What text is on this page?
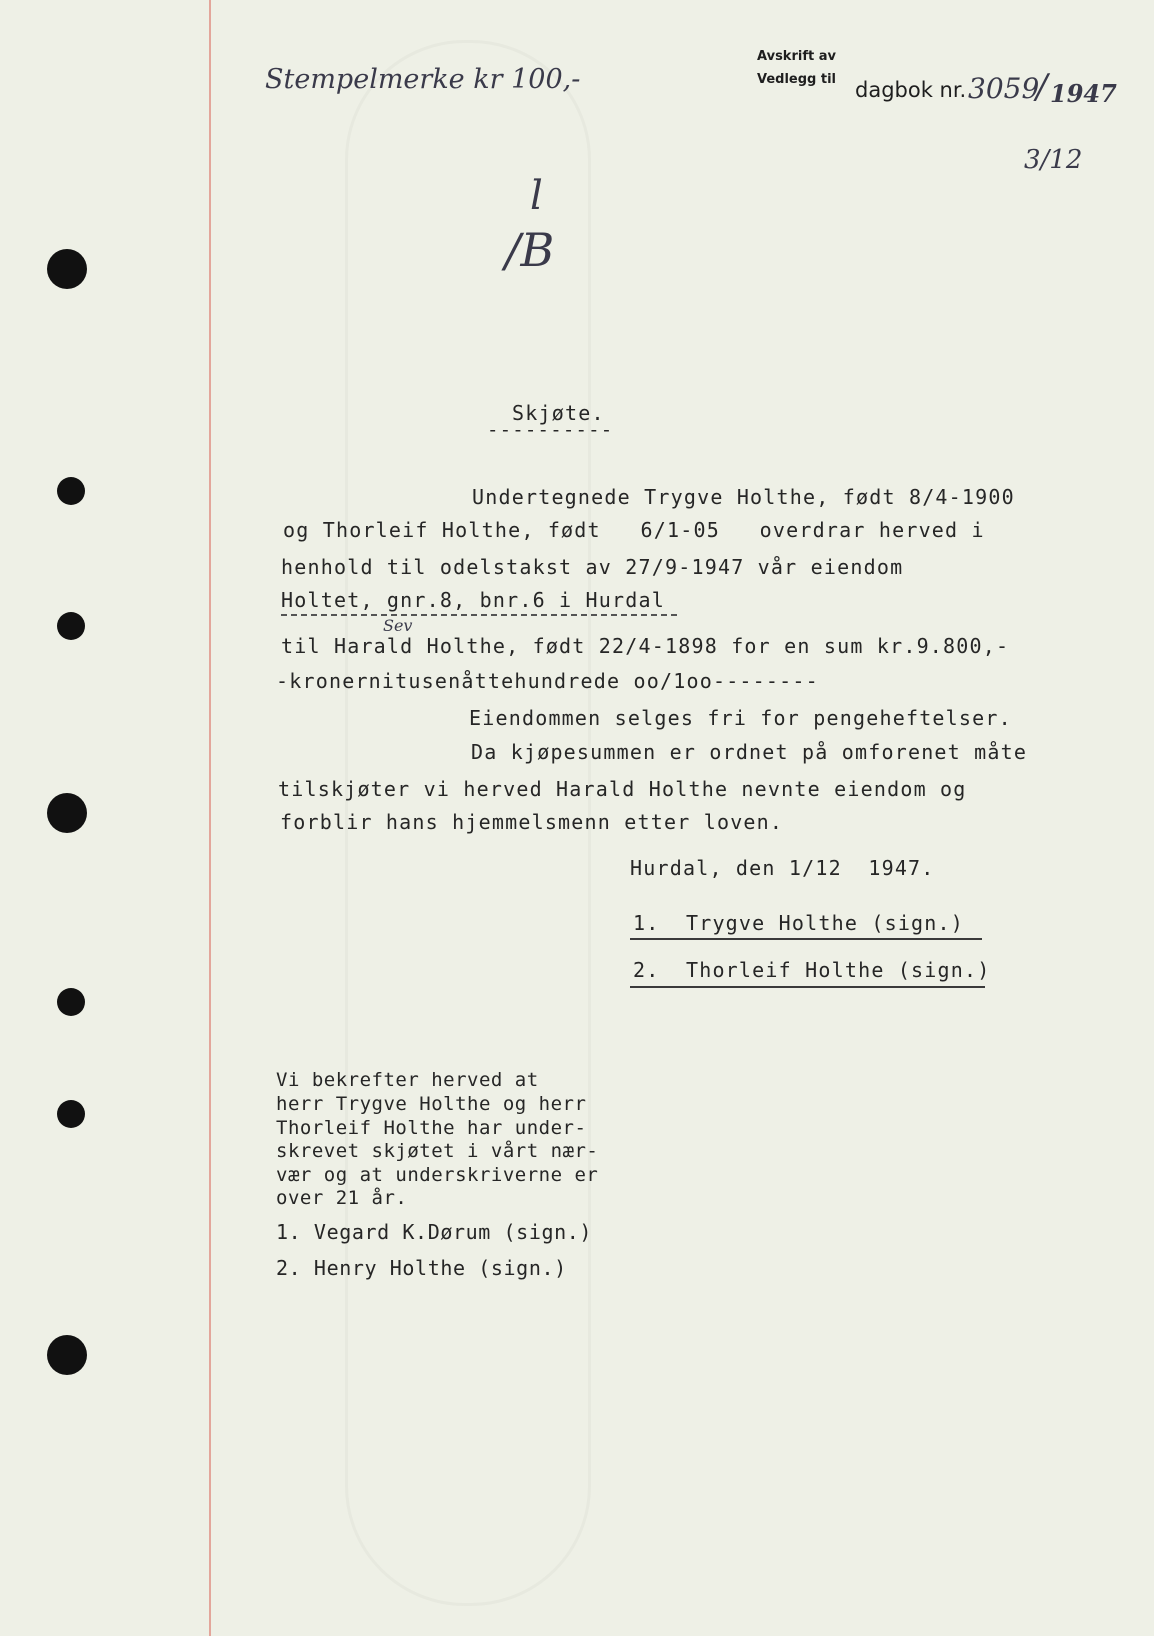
Stempelmerke kr 100,-
Avskrift av
Vedlegg til dagbok nr. 3059
/ 1947
3/12
l
/B
Skjøte.
----------
Undertegnede Trygve Holthe, født 8/4-1900
og Thorleif Holthe, født   6/1-05   overdrar herved i
henhold til odelstakst av 27/9-1947 vår eiendom
Holtet, gnr.8, bnr.6 i Hurdal
Sev
til Harald Holthe, født 22/4-1898 for en sum kr.9.800,-
-kronernitusenåttehundrede oo/1oo--------
Eiendommen selges fri for pengeheftelser.
Da kjøpesummen er ordnet på omforenet måte
tilskjøter vi herved Harald Holthe nevnte eiendom og
forblir hans hjemmelsmenn etter loven.
Hurdal, den 1/12  1947.
1.  Trygve Holthe (sign.)
2.  Thorleif Holthe (sign.)
Vi bekrefter herved at
herr Trygve Holthe og herr
Thorleif Holthe har under-
skrevet skjøtet i vårt nær-
vær og at underskriverne er
over 21 år.
1. Vegard K.Dørum (sign.)
2. Henry Holthe (sign.)
